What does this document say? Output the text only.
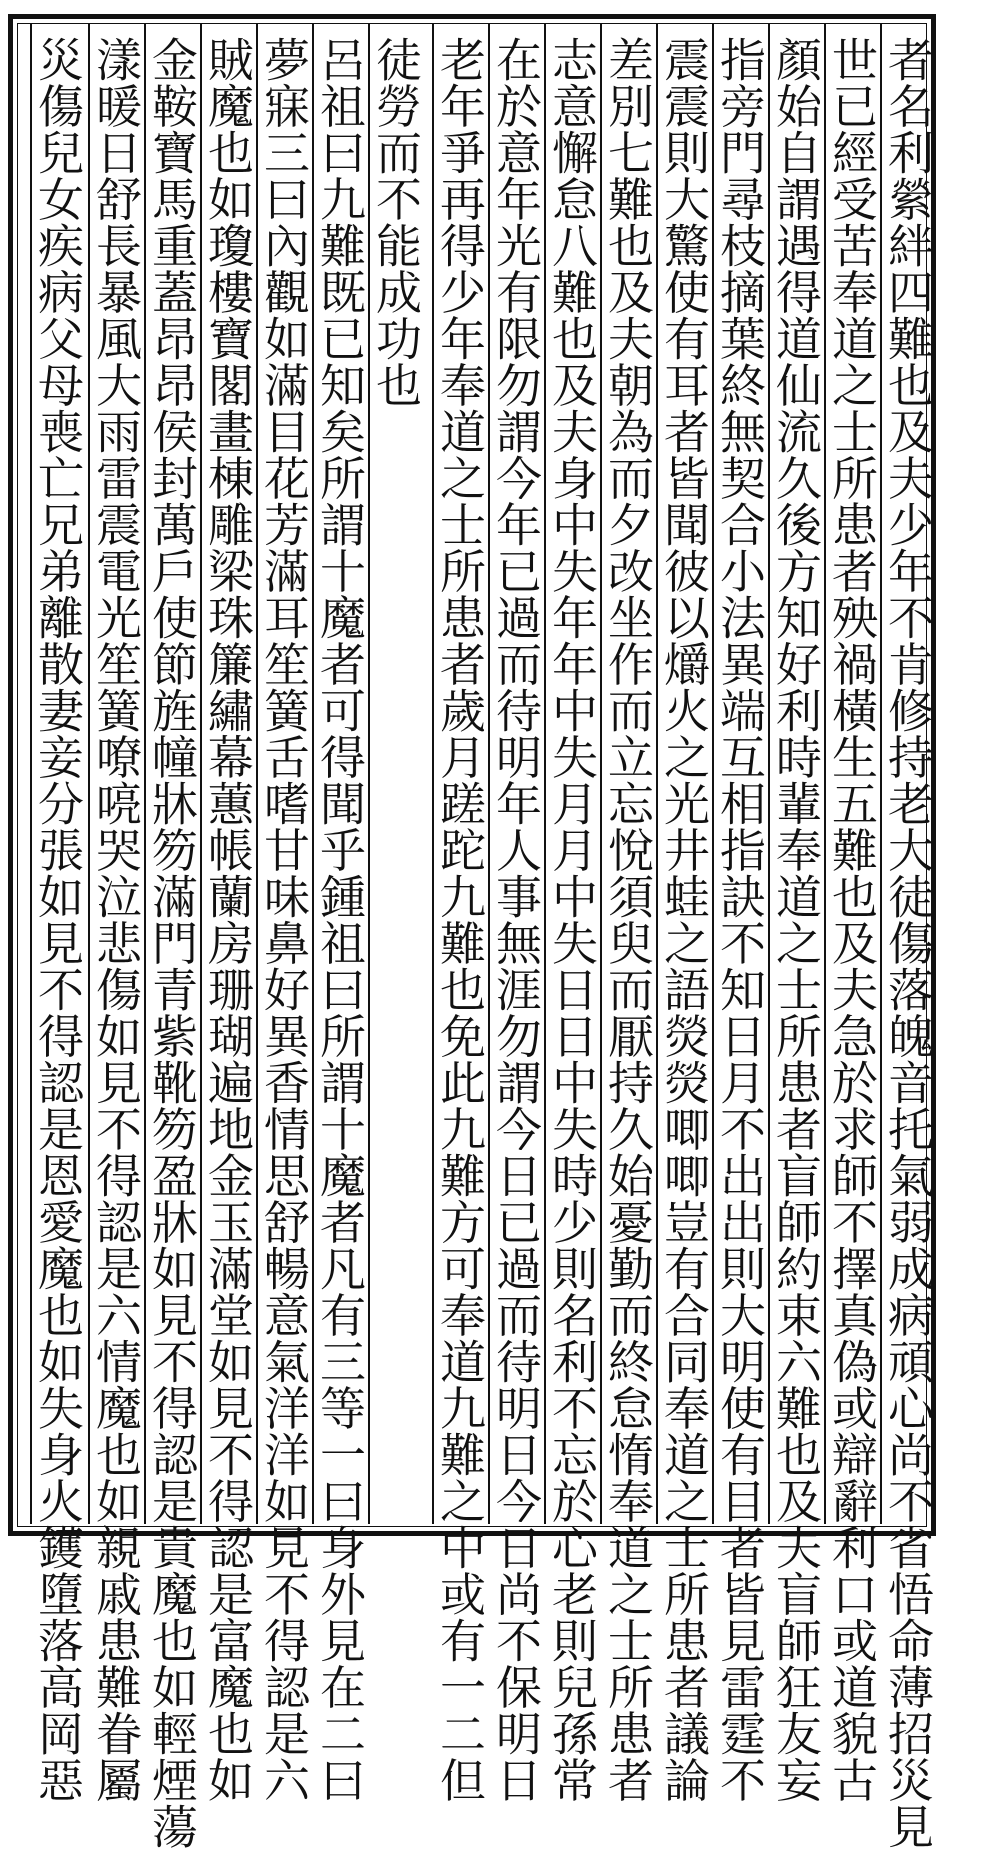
者名利縈絆四難也及夫少年不肯修持老大徒傷落魄音托氣弱成病頑心尚不省悟命薄招災見
世已經受苦奉道之士所患者殃禍橫生五難也及夫急於求師不擇真偽或辯辭利口或道貌古
顏始自謂遇得道仙流久後方知好利時輩奉道之士所患者盲師約束六難也及夫盲師狂友妄
指旁門尋枝摘葉終無契合小法異端互相指訣不知日月不出出則大明使有目者皆見雷霆不
震震則大驚使有耳者皆聞彼以爝火之光井蛙之語熒熒唧唧豈有合同奉道之士所患者議論
差別七難也及夫朝為而夕改坐作而立忘悅須臾而厭持久始憂勤而終怠惰奉道之士所患者
志意懈怠八難也及夫身中失年年中失月月中失日日中失時少則名利不忘於心老則兒孫常
在於意年光有限勿謂今年已過而待明年人事無涯勿謂今日已過而待明日今日尚不保明日
老年爭再得少年奉道之士所患者歲月蹉跎九難也免此九難方可奉道九難之中或有一二但
徒勞而不能成功也
呂祖曰九難既已知矣所謂十魔者可得聞乎鍾祖曰所謂十魔者凡有三等一曰身外見在二曰
夢寐三曰內觀如滿目花芳滿耳笙簧舌嗜甘味鼻好異香情思舒暢意氣洋洋如見不得認是六
賊魔也如瓊樓寶閣畫棟雕梁珠簾繡幕蕙帳蘭房珊瑚遍地金玉滿堂如見不得認是富魔也如
金鞍寶馬重蓋昂昂侯封萬戶使節旌幢牀笏滿門青紫靴笏盈牀如見不得認是貴魔也如輕煙蕩
漾暖日舒長暴風大雨雷震電光笙簧嘹喨哭泣悲傷如見不得認是六情魔也如親戚患難眷屬
災傷兒女疾病父母喪亡兄弟離散妻妾分張如見不得認是恩愛魔也如失身火鑊墮落高岡惡
